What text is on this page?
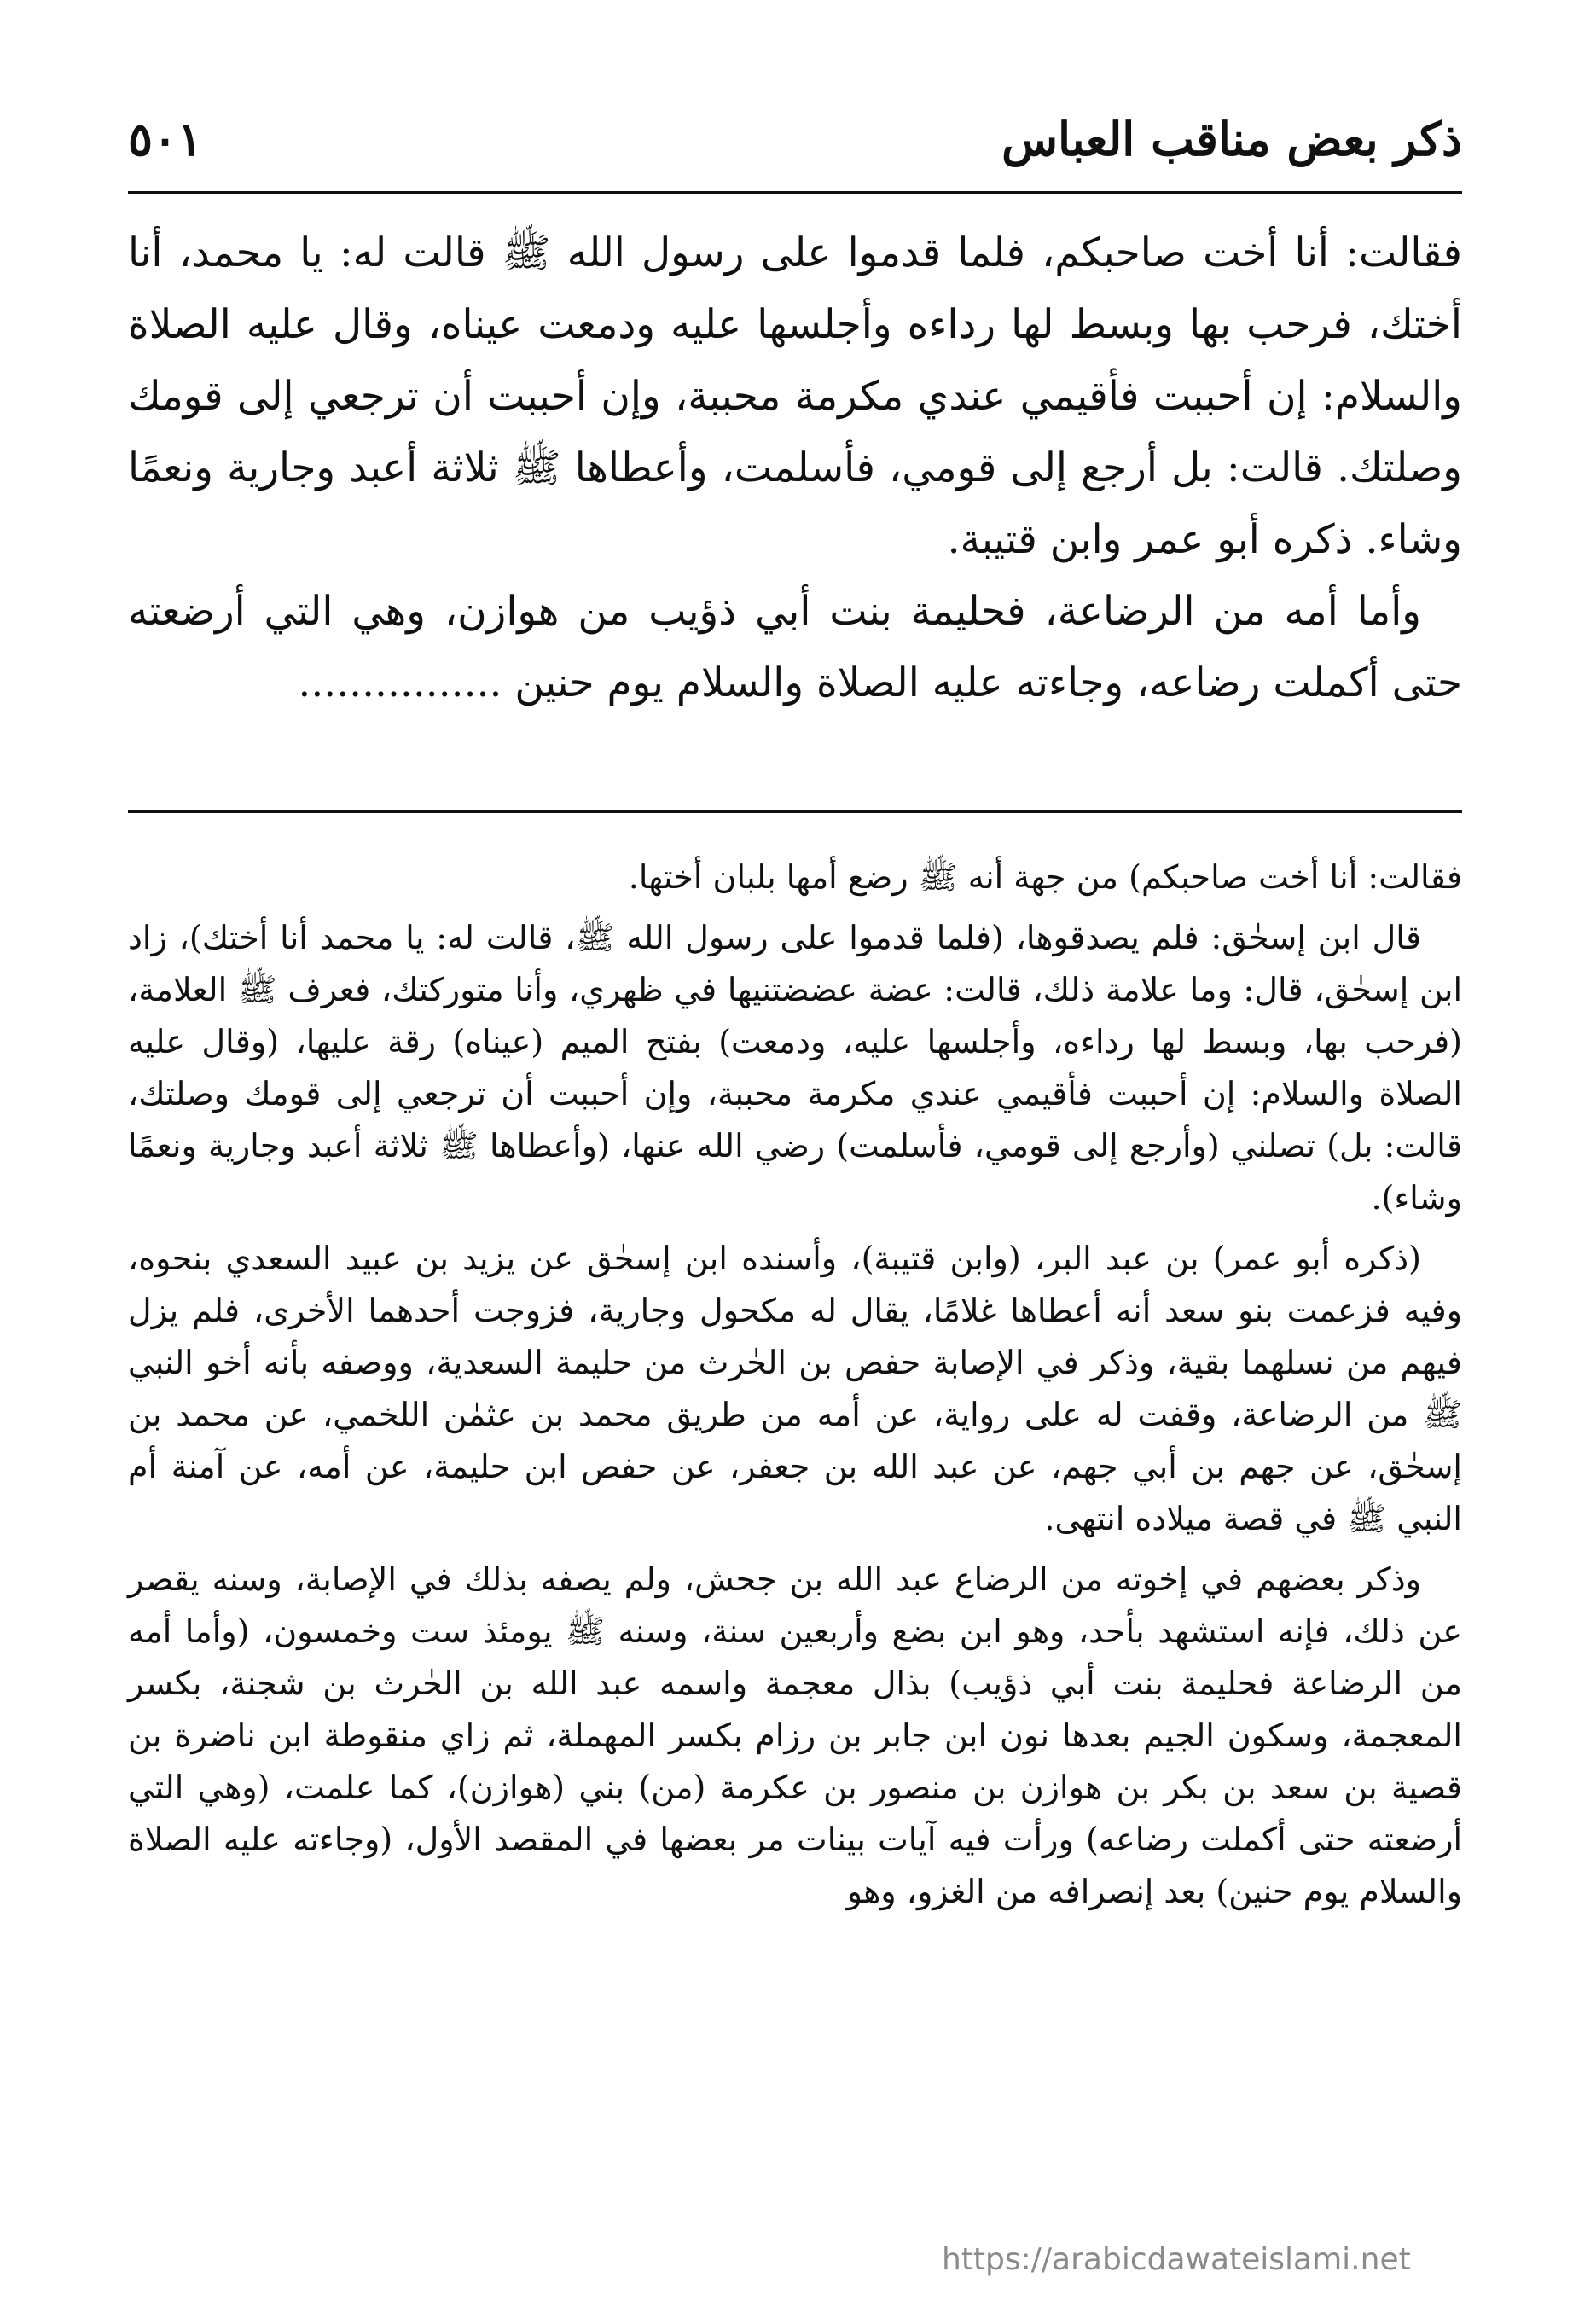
ذكر بعض مناقب العباس
٥٠١

فقالت: أنا أخت صاحبكم، فلما قدموا على رسول الله ﷺ قالت له: يا محمد، أنا أختك، فرحب بها وبسط لها رداءه وأجلسها عليه ودمعت عيناه، وقال عليه الصلاة والسلام: إن أحببت فأقيمي عندي مكرمة محببة، وإن أحببت أن ترجعي إلى قومك وصلتك. قالت: بل أرجع إلى قومي، فأسلمت، وأعطاها ﷺ ثلاثة أعبد وجارية ونعمًا وشاء. ذكره أبو عمر وابن قتيبة.

وأما أمه من الرضاعة، فحليمة بنت أبي ذؤيب من هوازن، وهي التي أرضعته حتى أكملت رضاعه، وجاءته عليه الصلاة والسلام يوم حنين ................

فقالت: أنا أخت صاحبكم) من جهة أنه ﷺ رضع أمها بلبان أختها.

قال ابن إسحٰق: فلم يصدقوها، (فلما قدموا على رسول الله ﷺ، قالت له: يا محمد أنا أختك)، زاد ابن إسحٰق، قال: وما علامة ذلك، قالت: عضة عضضتنيها في ظهري، وأنا متوركتك، فعرف ﷺ العلامة، (فرحب بها، وبسط لها رداءه، وأجلسها عليه، ودمعت) بفتح الميم (عيناه) رقة عليها، (وقال عليه الصلاة والسلام: إن أحببت فأقيمي عندي مكرمة محببة، وإن أحببت أن ترجعي إلى قومك وصلتك، قالت: بل) تصلني (وأرجع إلى قومي، فأسلمت) رضي الله عنها، (وأعطاها ﷺ ثلاثة أعبد وجارية ونعمًا وشاء).

(ذكره أبو عمر) بن عبد البر، (وابن قتيبة)، وأسنده ابن إسحٰق عن يزيد بن عبيد السعدي بنحوه، وفيه فزعمت بنو سعد أنه أعطاها غلامًا، يقال له مكحول وجارية، فزوجت أحدهما الأخرى، فلم يزل فيهم من نسلهما بقية، وذكر في الإصابة حفص بن الحٰرث من حليمة السعدية، ووصفه بأنه أخو النبي ﷺ من الرضاعة، وقفت له على رواية، عن أمه من طريق محمد بن عثمٰن اللخمي، عن محمد بن إسحٰق، عن جهم بن أبي جهم، عن عبد الله بن جعفر، عن حفص ابن حليمة، عن أمه، عن آمنة أم النبي ﷺ في قصة ميلاده انتهى.

وذكر بعضهم في إخوته من الرضاع عبد الله بن جحش، ولم يصفه بذلك في الإصابة، وسنه يقصر عن ذلك، فإنه استشهد بأحد، وهو ابن بضع وأربعين سنة، وسنه ﷺ يومئذ ست وخمسون، (وأما أمه من الرضاعة فحليمة بنت أبي ذؤيب) بذال معجمة واسمه عبد الله بن الحٰرث بن شجنة، بكسر المعجمة، وسكون الجيم بعدها نون ابن جابر بن رزام بكسر المهملة، ثم زاي منقوطة ابن ناضرة بن قصية بن سعد بن بكر بن هوازن بن منصور بن عكرمة (من) بني (هوازن)، كما علمت، (وهي التي أرضعته حتى أكملت رضاعه) ورأت فيه آيات بينات مر بعضها في المقصد الأول، (وجاءته عليه الصلاة والسلام يوم حنين) بعد إنصرافه من الغزو، وهو

https://arabicdawateislami.net
